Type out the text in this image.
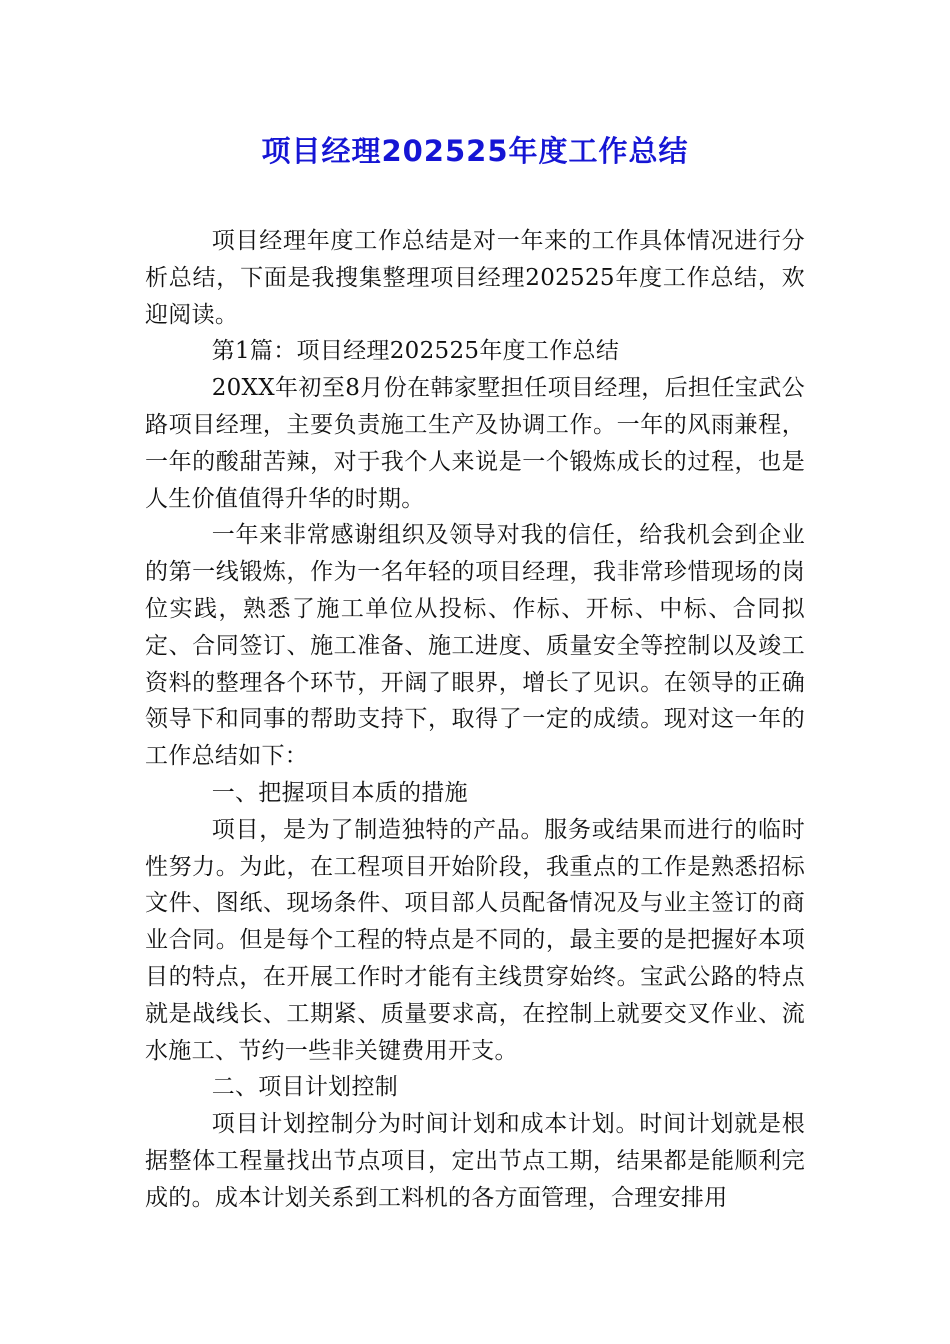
项目经理202525年度工作总结

项目经理年度工作总结是对一年来的工作具体情况进行分析总结，下面是我搜集整理项目经理202525年度工作总结，欢迎阅读。

第1篇：项目经理202525年度工作总结

20XX年初至8月份在韩家墅担任项目经理，后担任宝武公路项目经理，主要负责施工生产及协调工作。一年的风雨兼程，一年的酸甜苦辣，对于我个人来说是一个锻炼成长的过程，也是人生价值值得升华的时期。

一年来非常感谢组织及领导对我的信任，给我机会到企业的第一线锻炼，作为一名年轻的项目经理，我非常珍惜现场的岗位实践，熟悉了施工单位从投标、作标、开标、中标、合同拟定、合同签订、施工准备、施工进度、质量安全等控制以及竣工资料的整理各个环节，开阔了眼界，增长了见识。在领导的正确领导下和同事的帮助支持下，取得了一定的成绩。现对这一年的工作总结如下：

一、把握项目本质的措施

项目，是为了制造独特的产品。服务或结果而进行的临时性努力。为此，在工程项目开始阶段，我重点的工作是熟悉招标文件、图纸、现场条件、项目部人员配备情况及与业主签订的商业合同。但是每个工程的特点是不同的，最主要的是把握好本项目的特点，在开展工作时才能有主线贯穿始终。宝武公路的特点就是战线长、工期紧、质量要求高，在控制上就要交叉作业、流水施工、节约一些非关键费用开支。

二、项目计划控制

项目计划控制分为时间计划和成本计划。时间计划就是根据整体工程量找出节点项目，定出节点工期，结果都是能顺利完成的。成本计划关系到工料机的各方面管理，合理安排用
